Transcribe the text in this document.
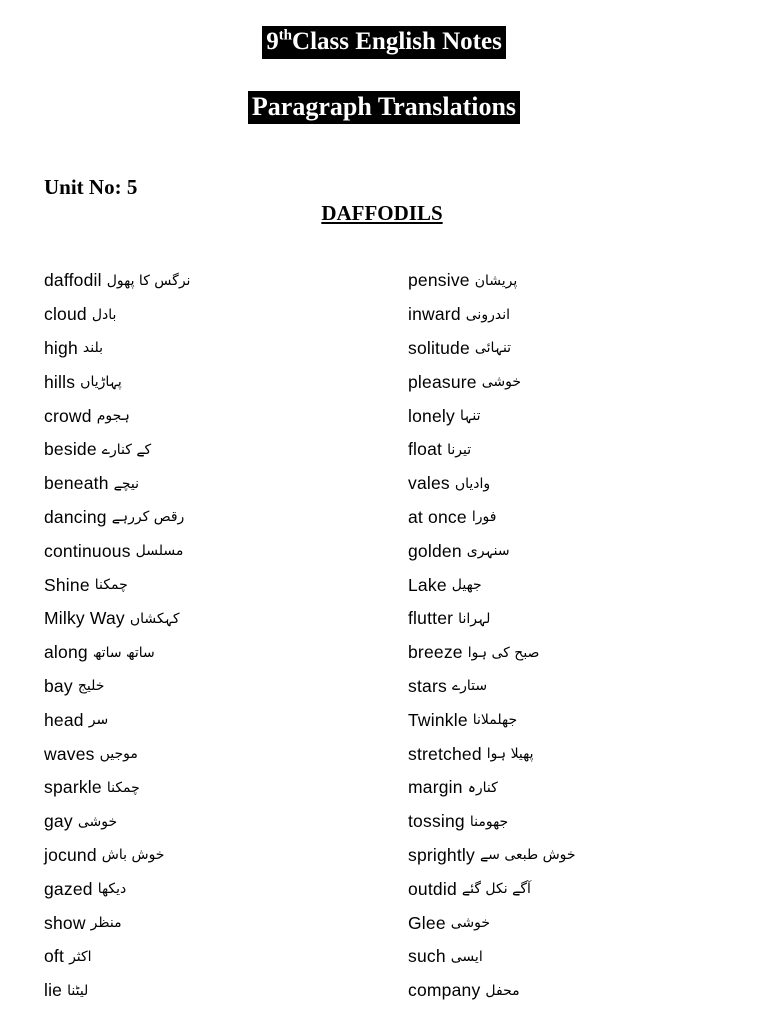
9thClass English Notes
Paragraph Translations
Unit No: 5
DAFFODILS
daffodil نرگس کا پھول
cloud بادل
high بلند
hills پہاڑیاں
crowd ہجوم
beside کے کنارے
beneath نیچے
dancing رقص کررہے
continuous مسلسل
Shine چمکنا
Milky Way کہکشاں
along ساتھ ساتھ
bay خلیج
head سر
waves موجیں
sparkle چمکنا
gay خوشی
jocund خوش باش
gazed دیکھا
show منظر
oft اکثر
lie لیٹنا
pensive پریشان
inward اندرونی
solitude تنہائی
pleasure خوشی
lonely تنہا
float تیرنا
vales وادیاں
at once فورا
golden سنہری
Lake جھیل
flutter لہرانا
breeze صبح کی ہوا
stars ستارے
Twinkle جھلملانا
stretched پھیلا ہوا
margin کنارہ
tossing جھومنا
sprightly خوش طبعی سے
outdid آگے نکل گئے
Glee خوشی
such ایسی
company محفل
